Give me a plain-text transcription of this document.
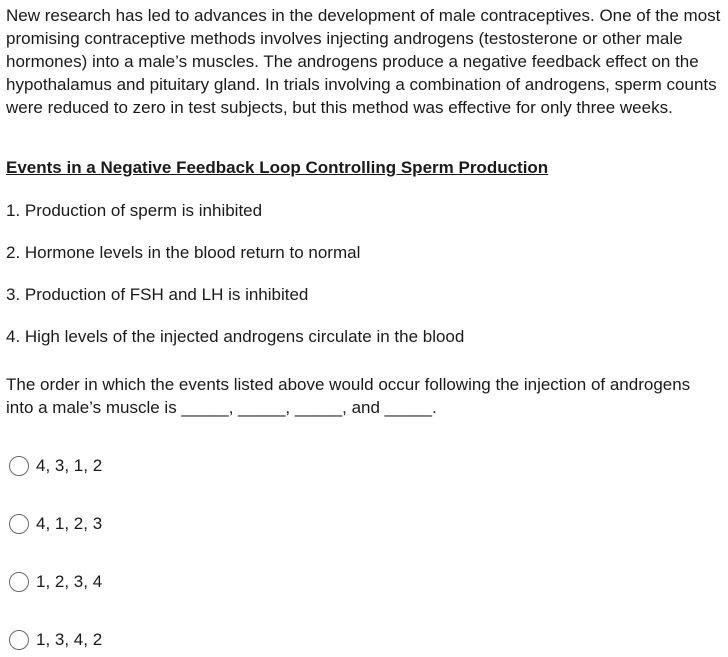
New research has led to advances in the development of male contraceptives. One of the most promising contraceptive methods involves injecting androgens (testosterone or other male hormones) into a male’s muscles. The androgens produce a negative feedback effect on the hypothalamus and pituitary gland. In trials involving a combination of androgens, sperm counts were reduced to zero in test subjects, but this method was effective for only three weeks.

Events in a Negative Feedback Loop Controlling Sperm Production

1. Production of sperm is inhibited

2. Hormone levels in the blood return to normal

3. Production of FSH and LH is inhibited

4. High levels of the injected androgens circulate in the blood

The order in which the events listed above would occur following the injection of androgens into a male’s muscle is _____, _____, _____, and _____.

4, 3, 1, 2
4, 1, 2, 3
1, 2, 3, 4
1, 3, 4, 2
